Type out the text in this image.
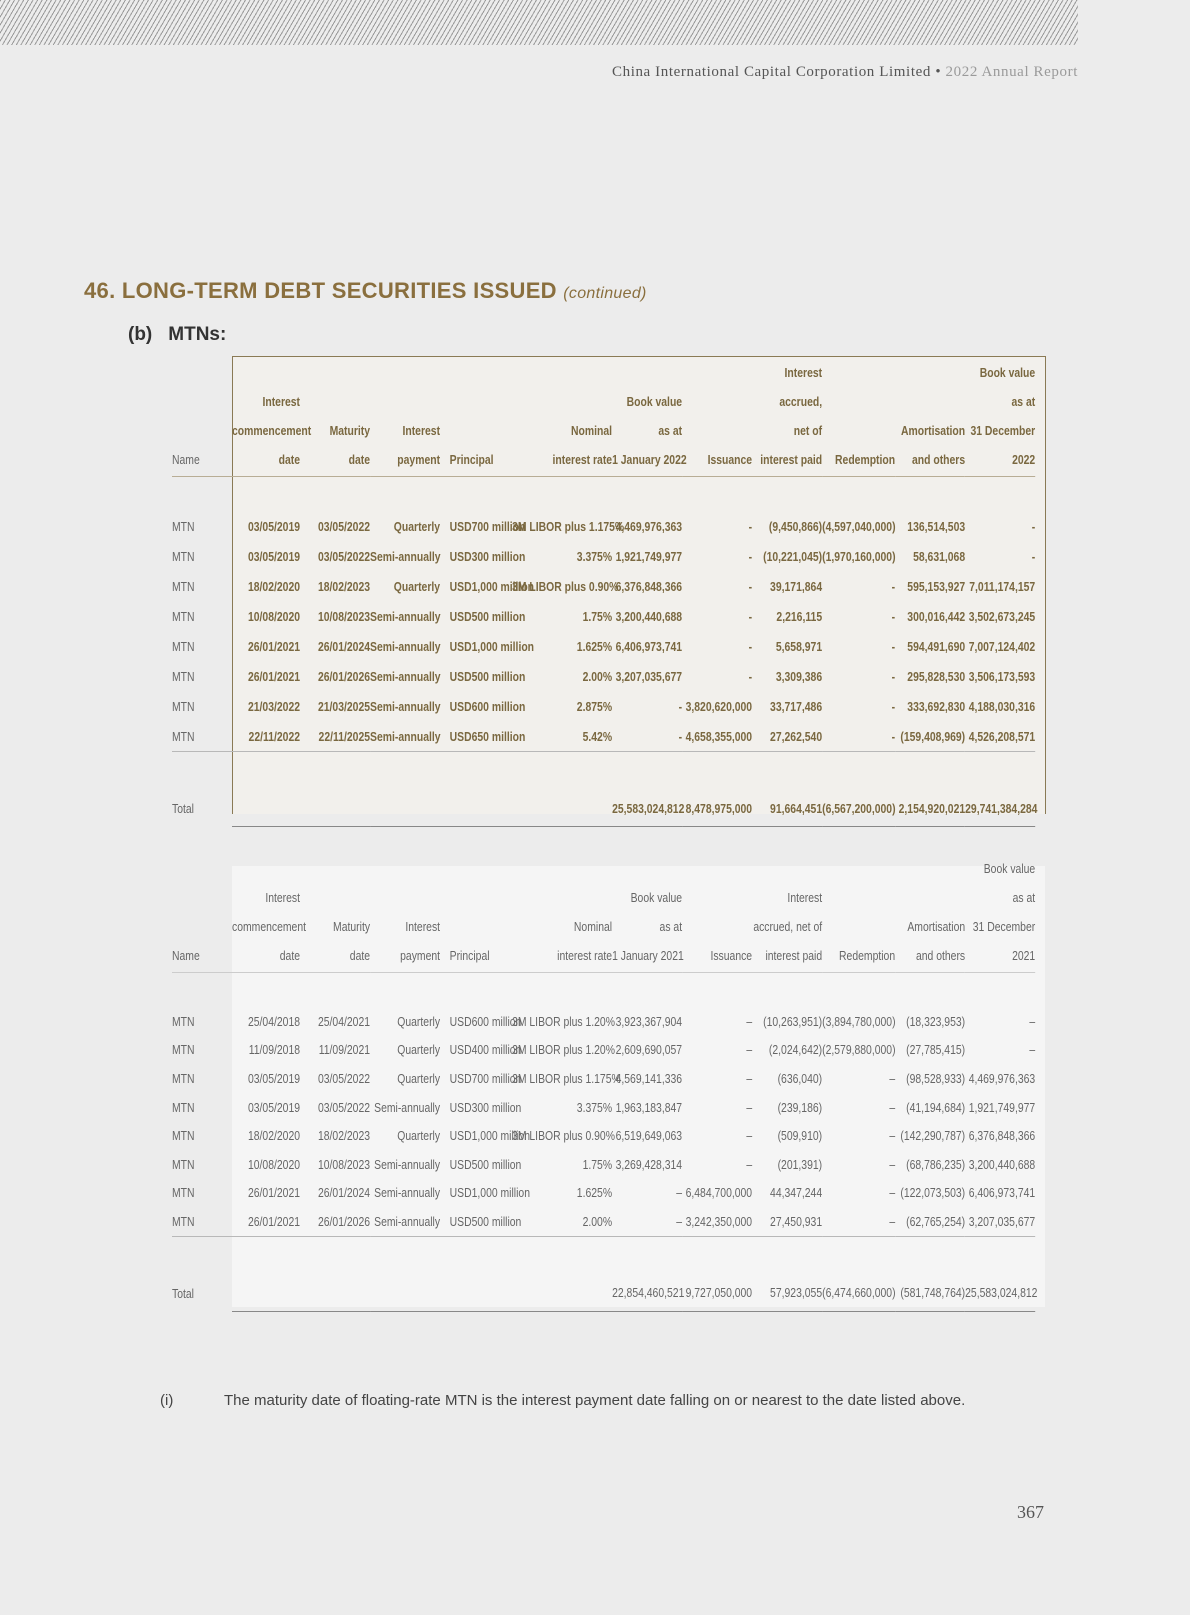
China International Capital Corporation Limited • 2022 Annual Report
46. LONG-TERM DEBT SECURITIES ISSUED (continued)
(b) MTNs:
Name	Interest
commencement
date	Maturity
date	Interest
payment	Principal	Nominal
interest rate	Book value
as at
1 January 2022	Issuance	Interest
accrued,
net of
interest paid	Redemption	Amortisation
and others	Book value
as at
31 December
2022

MTN	03/05/2019	03/05/2022	Quarterly	USD700 million	3M LIBOR plus 1.175%	4,469,976,363	-	(9,450,866)	(4,597,040,000)	136,514,503	-
MTN	03/05/2019	03/05/2022	Semi-annually	USD300 million	3.375%	1,921,749,977	-	(10,221,045)	(1,970,160,000)	58,631,068	-
MTN	18/02/2020	18/02/2023	Quarterly	USD1,000 million	3M LIBOR plus 0.90%	6,376,848,366	-	39,171,864	-	595,153,927	7,011,174,157
MTN	10/08/2020	10/08/2023	Semi-annually	USD500 million	1.75%	3,200,440,688	-	2,216,115	-	300,016,442	3,502,673,245
MTN	26/01/2021	26/01/2024	Semi-annually	USD1,000 million	1.625%	6,406,973,741	-	5,658,971	-	594,491,690	7,007,124,402
MTN	26/01/2021	26/01/2026	Semi-annually	USD500 million	2.00%	3,207,035,677	-	3,309,386	-	295,828,530	3,506,173,593
MTN	21/03/2022	21/03/2025	Semi-annually	USD600 million	2.875%	-	3,820,620,000	33,717,486	-	333,692,830	4,188,030,316
MTN	22/11/2022	22/11/2025	Semi-annually	USD650 million	5.42%	-	4,658,355,000	27,262,540	-	(159,408,969)	4,526,208,571

Total						25,583,024,812	8,478,975,000	91,664,451	(6,567,200,000)	2,154,920,021	29,741,384,284
Name	Interest
commencement
date	Maturity
date	Interest
payment	Principal	Nominal
interest rate	Book value
as at
1 January 2021	Issuance	Interest
accrued, net of
interest paid	Redemption	Amortisation
and others	Book value
as at
31 December
2021

MTN	25/04/2018	25/04/2021	Quarterly	USD600 million	3M LIBOR plus 1.20%	3,923,367,904	–	(10,263,951)	(3,894,780,000)	(18,323,953)	–
MTN	11/09/2018	11/09/2021	Quarterly	USD400 million	3M LIBOR plus 1.20%	2,609,690,057	–	(2,024,642)	(2,579,880,000)	(27,785,415)	–
MTN	03/05/2019	03/05/2022	Quarterly	USD700 million	3M LIBOR plus 1.175%	4,569,141,336	–	(636,040)	–	(98,528,933)	4,469,976,363
MTN	03/05/2019	03/05/2022	Semi-annually	USD300 million	3.375%	1,963,183,847	–	(239,186)	–	(41,194,684)	1,921,749,977
MTN	18/02/2020	18/02/2023	Quarterly	USD1,000 million	3M LIBOR plus 0.90%	6,519,649,063	–	(509,910)	–	(142,290,787)	6,376,848,366
MTN	10/08/2020	10/08/2023	Semi-annually	USD500 million	1.75%	3,269,428,314	–	(201,391)	–	(68,786,235)	3,200,440,688
MTN	26/01/2021	26/01/2024	Semi-annually	USD1,000 million	1.625%	–	6,484,700,000	44,347,244	–	(122,073,503)	6,406,973,741
MTN	26/01/2021	26/01/2026	Semi-annually	USD500 million	2.00%	–	3,242,350,000	27,450,931	–	(62,765,254)	3,207,035,677

Total						22,854,460,521	9,727,050,000	57,923,055	(6,474,660,000)	(581,748,764)	25,583,024,812
(i)	The maturity date of floating-rate MTN is the interest payment date falling on or nearest to the date listed above.
367
